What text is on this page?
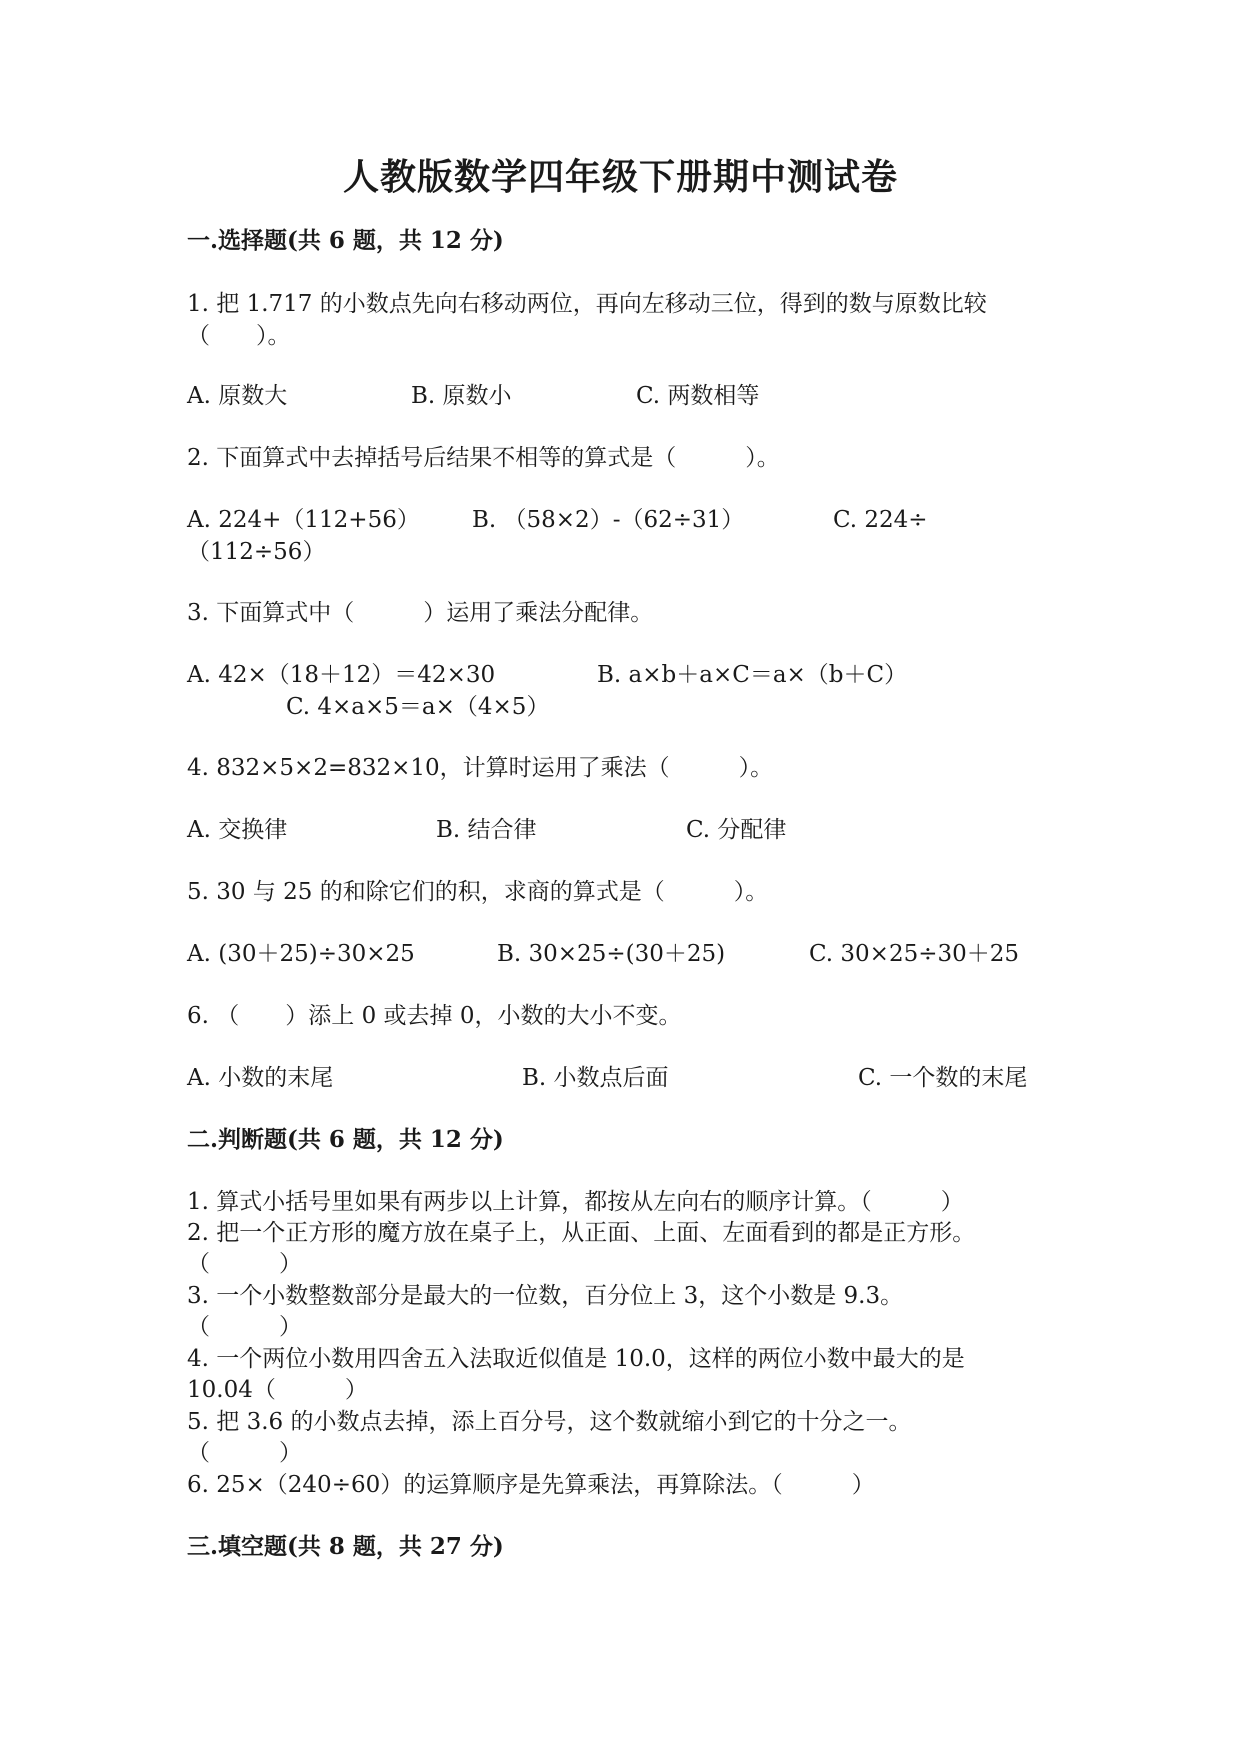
人教版数学四年级下册期中测试卷
一.选择题(共 6 题，共 12 分)
1. 把 1.717 的小数点先向右移动两位，再向左移动三位，得到的数与原数比较
（　　）。
A. 原数大	B. 原数小	C. 两数相等
2. 下面算式中去掉括号后结果不相等的算式是（　　　）。
A. 224+（112+56） B. （58×2）-（62÷31）	C. 224÷
（112÷56）
3. 下面算式中（　　　）运用了乘法分配律。
A. 42×（18＋12）＝42×30	B. a×b＋a×C＝a×（b＋C）
C. 4×a×5＝a×（4×5）
4. 832×5×2=832×10，计算时运用了乘法（　　　）。
A. 交换律	B. 结合律	C. 分配律
5. 30 与 25 的和除它们的积，求商的算式是（　　　）。
A. (30＋25)÷30×25	B. 30×25÷(30＋25)	C. 30×25÷30＋25
6. （　　）添上 0 或去掉 0，小数的大小不变。
A. 小数的末尾	B. 小数点后面	C. 一个数的末尾
二.判断题(共 6 题，共 12 分)
1. 算式小括号里如果有两步以上计算，都按从左向右的顺序计算。（　　　）
2. 把一个正方形的魔方放在桌子上，从正面、上面、左面看到的都是正方形。
（　　　）
3. 一个小数整数部分是最大的一位数，百分位上 3，这个小数是 9.3。
（　　　）
4. 一个两位小数用四舍五入法取近似值是 10.0，这样的两位小数中最大的是
10.04（　　　）
5. 把 3.6 的小数点去掉，添上百分号，这个数就缩小到它的十分之一。
（　　　）
6. 25×（240÷60）的运算顺序是先算乘法，再算除法。（　　　）
三.填空题(共 8 题，共 27 分)
